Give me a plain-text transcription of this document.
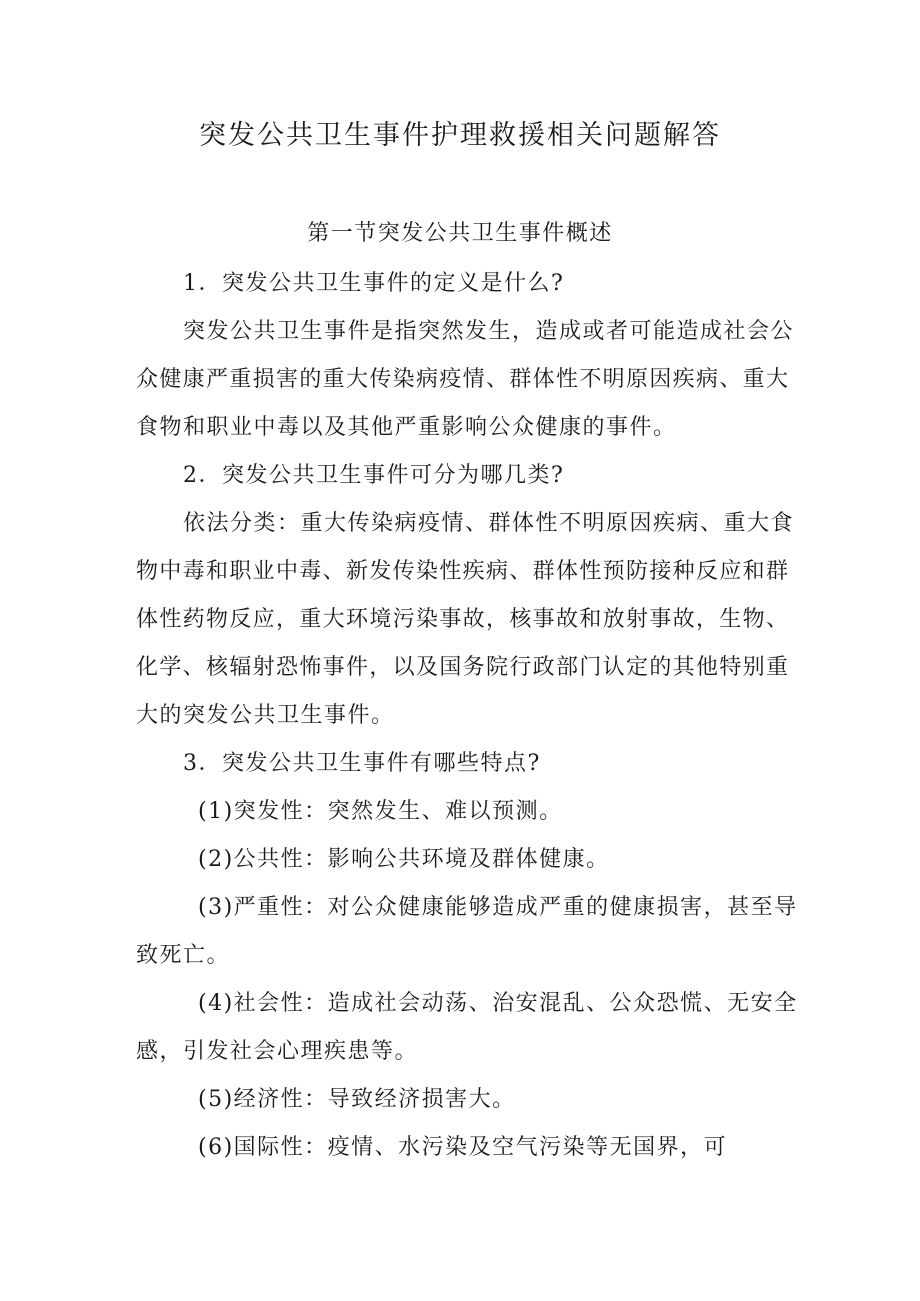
突发公共卫生事件护理救援相关问题解答
第一节突发公共卫生事件概述
1．突发公共卫生事件的定义是什么?
突发公共卫生事件是指突然发生，造成或者可能造成社会公
众健康严重损害的重大传染病疫情、群体性不明原因疾病、重大
食物和职业中毒以及其他严重影响公众健康的事件。
2．突发公共卫生事件可分为哪几类?
依法分类：重大传染病疫情、群体性不明原因疾病、重大食
物中毒和职业中毒、新发传染性疾病、群体性预防接种反应和群
体性药物反应，重大环境污染事故，核事故和放射事故，生物、
化学、核辐射恐怖事件，以及国务院行政部门认定的其他特别重
大的突发公共卫生事件。
3．突发公共卫生事件有哪些特点?
(1)突发性：突然发生、难以预测。
(2)公共性：影响公共环境及群体健康。
(3)严重性：对公众健康能够造成严重的健康损害，甚至导
致死亡。
(4)社会性：造成社会动荡、治安混乱、公众恐慌、无安全
感，引发社会心理疾患等。
(5)经济性：导致经济损害大。
(6)国际性：疫情、水污染及空气污染等无国界，可
